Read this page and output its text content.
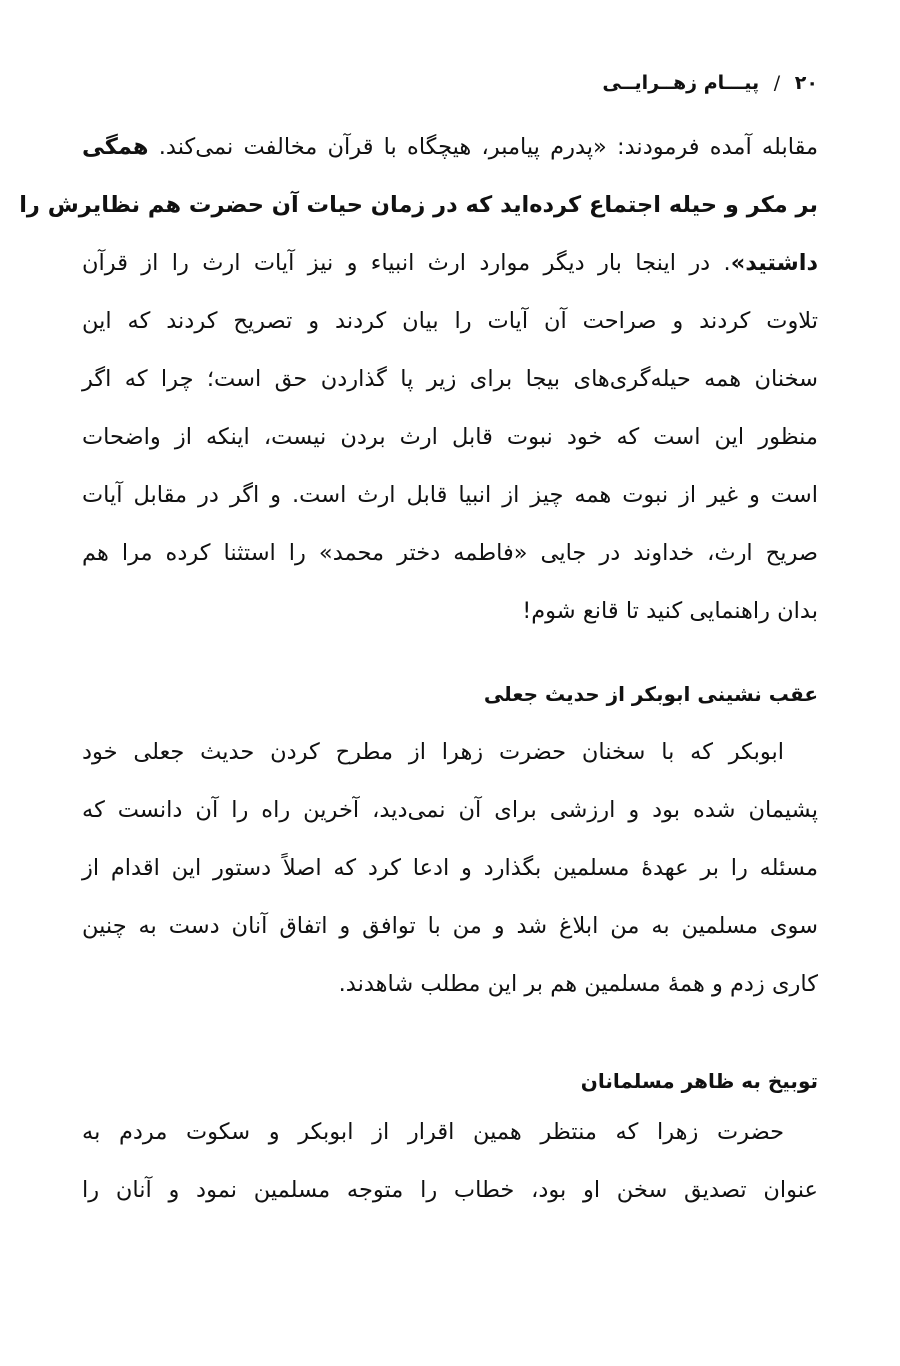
۲۰ / پیـــام زهــرایــی
مقابله آمده فرمودند: «پدرم پیامبر، هیچگاه با قرآن مخالفت نمی‌کند. همگی
بر مکر و حیله اجتماع کرده‌اید که در زمان حیات آن حضرت هم نظایرش را
داشتید». در اینجا بار دیگر موارد ارث انبیاء و نیز آیات ارث را از قرآن
تلاوت کردند و صراحت آن آیات را بیان کردند و تصریح کردند که این
سخنان همه حیله‌گری‌های بیجا برای زیر پا گذاردن حق است؛ چرا که اگر
منظور این است که خود نبوت قابل ارث بردن نیست، اینکه از واضحات
است و غیر از نبوت همه چیز از انبیا قابل ارث است. و اگر در مقابل آیات
صریح ارث، خداوند در جایی «فاطمه دختر محمد» را استثنا کرده مرا هم
بدان راهنمایی کنید تا قانع شوم!
عقب نشینی ابوبکر از حدیث جعلی
ابوبکر که با سخنان حضرت زهرا از مطرح کردن حدیث جعلی خود
پشیمان شده بود و ارزشی برای آن نمی‌دید، آخرین راه را آن دانست که
مسئله را بر عهدهٔ مسلمین بگذارد و ادعا کرد که اصلاً دستور این اقدام از
سوی مسلمین به من ابلاغ شد و من با توافق و اتفاق آنان دست به چنین
کاری زدم و همهٔ مسلمین هم بر این مطلب شاهدند.
توبیخ به ظاهر مسلمانان
حضرت زهرا که منتظر همین اقرار از ابوبکر و سکوت مردم به
عنوان تصدیق سخن او بود، خطاب را متوجه مسلمین نمود و آنان را
